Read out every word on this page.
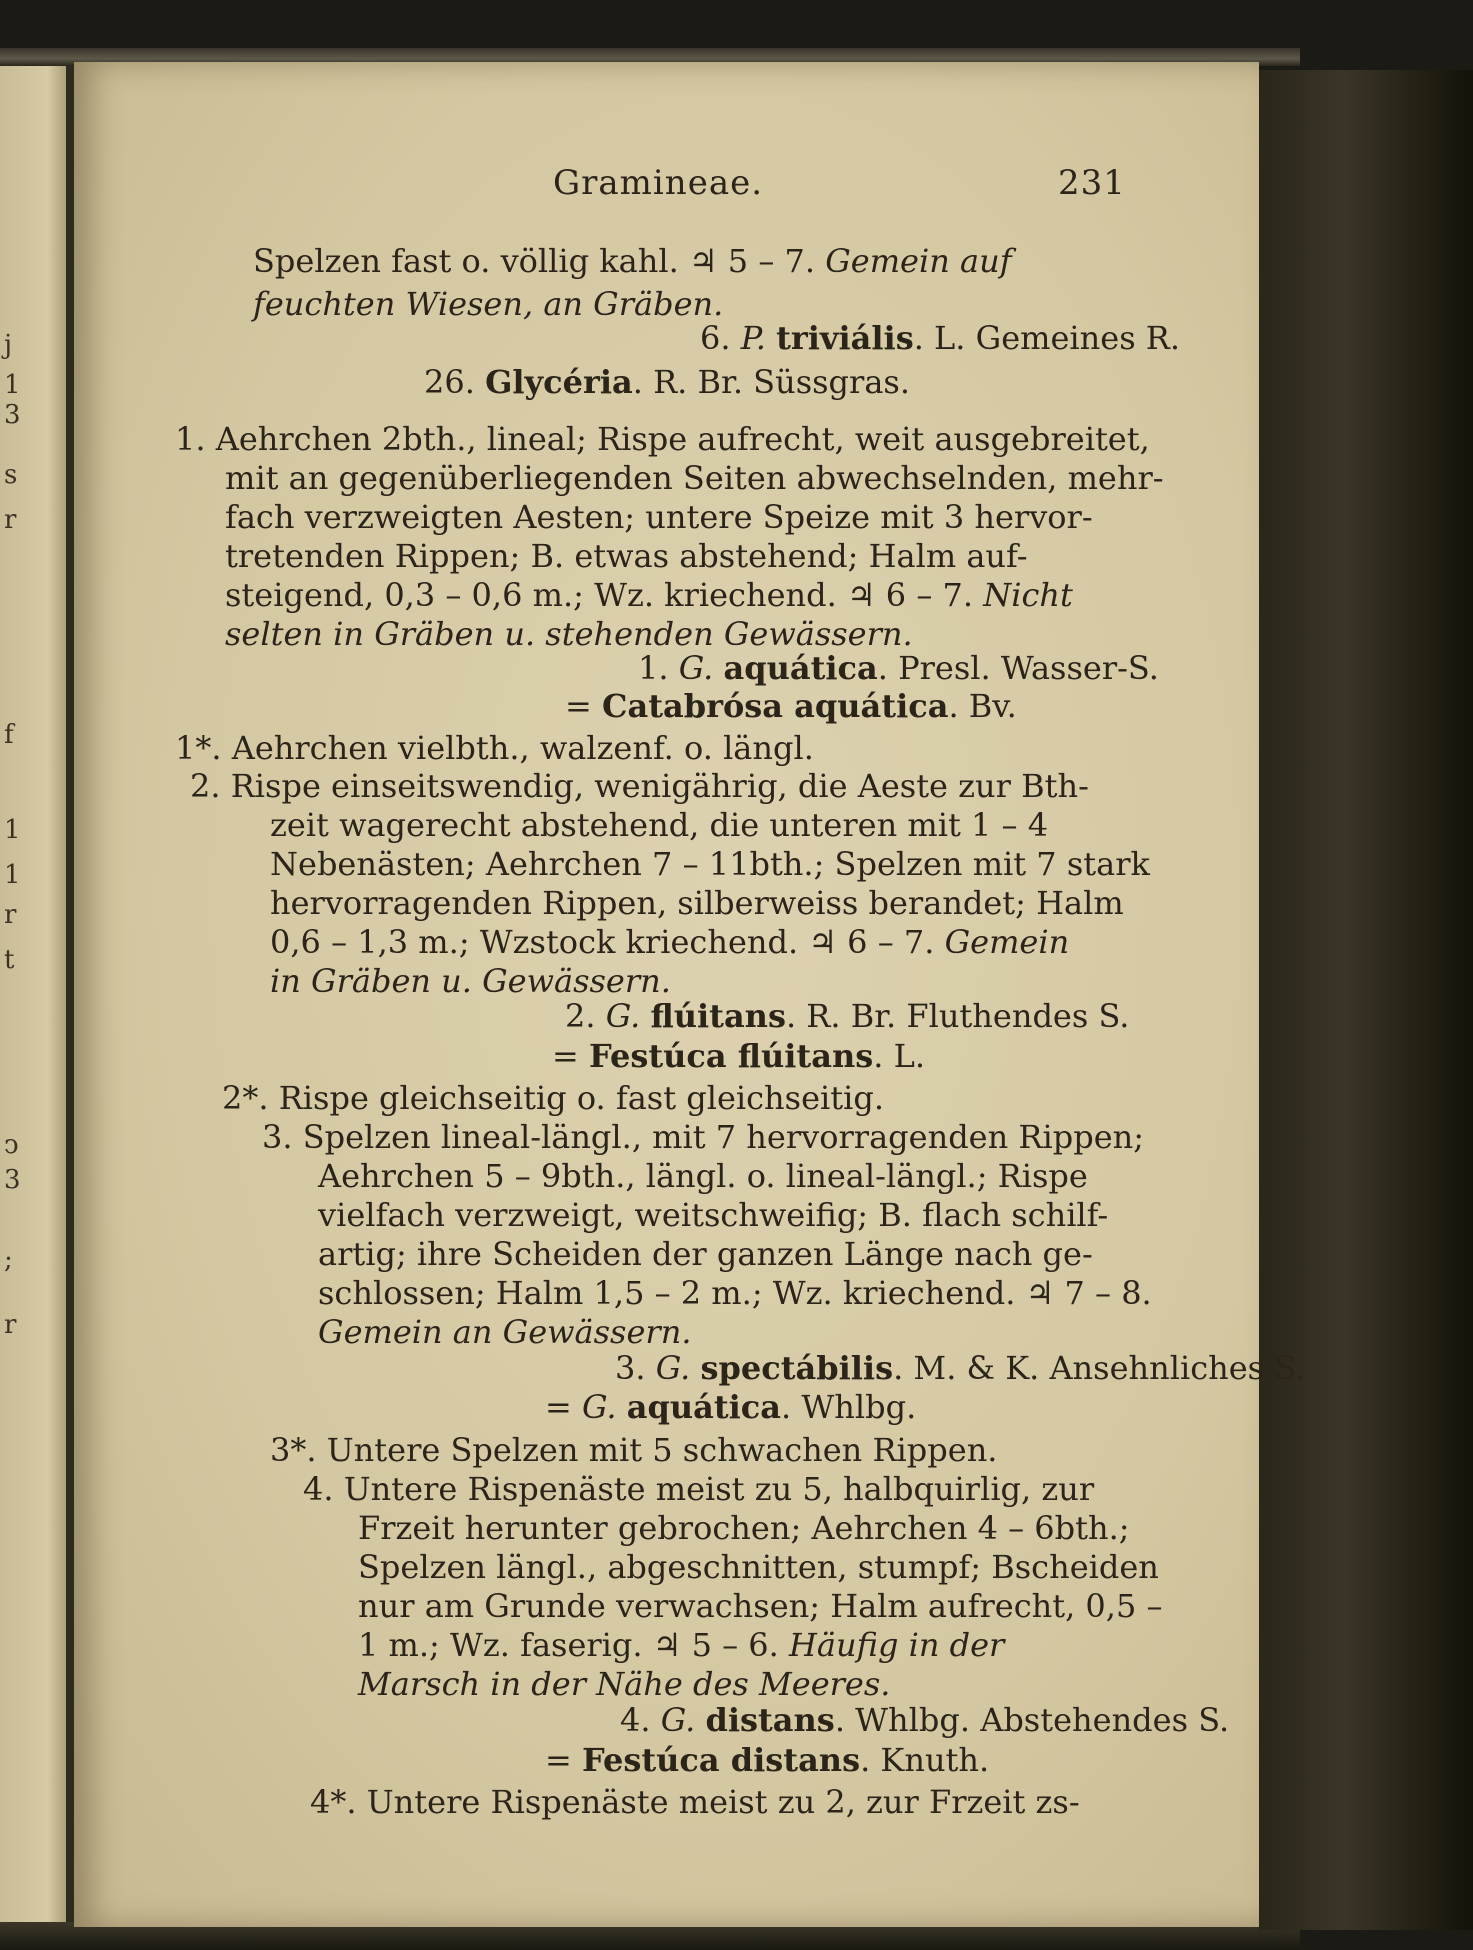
j
1
3
s
r
f
1
1
r
t
ↄ
3
;
r
Gramineae.	231
Spelzen fast o. völlig kahl. ♃ 5 – 7. Gemein auf
feuchten Wiesen, an Gräben.
6. P. triviális. L. Gemeines R.
26. Glycéria. R. Br. Süssgras.
1. Aehrchen 2bth., lineal; Rispe aufrecht, weit ausgebreitet,
mit an gegenüberliegenden Seiten abwechselnden, mehr-
fach verzweigten Aesten; untere Speize mit 3 hervor-
tretenden Rippen; B. etwas abstehend; Halm auf-
steigend, 0,3 – 0,6 m.; Wz. kriechend. ♃ 6 – 7. Nicht
selten in Gräben u. stehenden Gewässern.
1. G. aquática. Presl. Wasser-S.
= Catabrósa aquática. Bv.
1*. Aehrchen vielbth., walzenf. o. längl.
2. Rispe einseitswendig, wenigährig, die Aeste zur Bth-
zeit wagerecht abstehend, die unteren mit 1 – 4
Nebenästen; Aehrchen 7 – 11bth.; Spelzen mit 7 stark
hervorragenden Rippen, silberweiss berandet; Halm
0,6 – 1,3 m.; Wzstock kriechend. ♃ 6 – 7. Gemein
in Gräben u. Gewässern.
2. G. flúitans. R. Br. Fluthendes S.
= Festúca flúitans. L.
2*. Rispe gleichseitig o. fast gleichseitig.
3. Spelzen lineal-längl., mit 7 hervorragenden Rippen;
Aehrchen 5 – 9bth., längl. o. lineal-längl.; Rispe
vielfach verzweigt, weitschweifig; B. flach schilf-
artig; ihre Scheiden der ganzen Länge nach ge-
schlossen; Halm 1,5 – 2 m.; Wz. kriechend. ♃ 7 – 8.
Gemein an Gewässern.
3. G. spectábilis. M. & K. Ansehnliches S.
= G. aquática. Whlbg.
3*. Untere Spelzen mit 5 schwachen Rippen.
4. Untere Rispenäste meist zu 5, halbquirlig, zur
Frzeit herunter gebrochen; Aehrchen 4 – 6bth.;
Spelzen längl., abgeschnitten, stumpf; Bscheiden
nur am Grunde verwachsen; Halm aufrecht, 0,5 –
1 m.; Wz. faserig. ♃ 5 – 6. Häufig in der
Marsch in der Nähe des Meeres.
4. G. distans. Whlbg. Abstehendes S.
= Festúca distans. Knuth.
4*. Untere Rispenäste meist zu 2, zur Frzeit zs-
